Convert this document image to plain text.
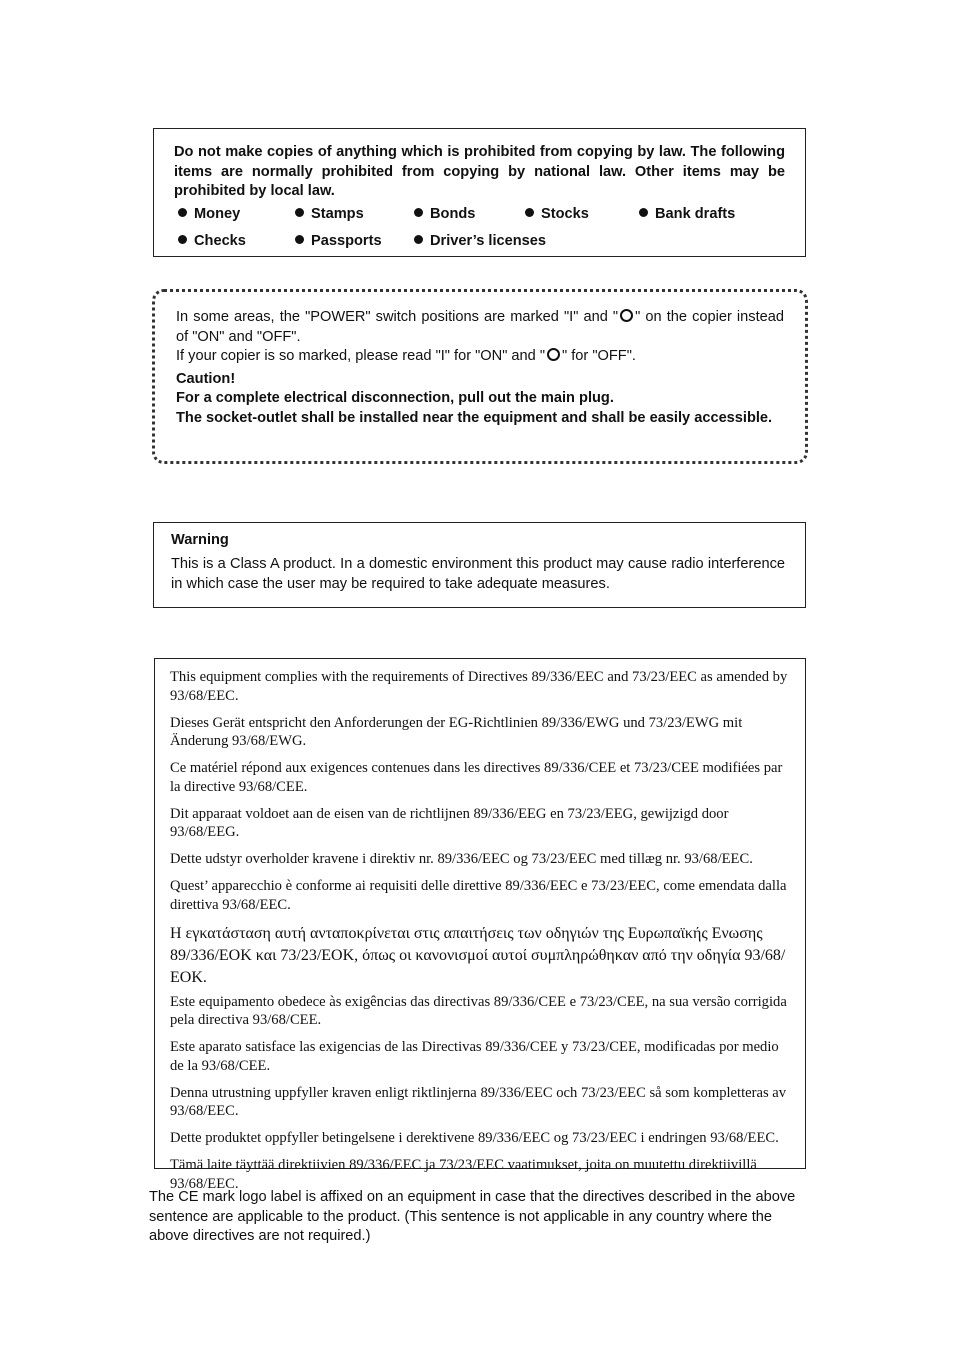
Do not make copies of anything which is prohibited from copying by law. The following items are normally prohibited from copying by national law. Other items may be prohibited by local law.

Money	Stamps	Bonds	Stocks	Bank drafts
Checks	Passports	Driver’s licenses

In some areas, the "POWER" switch positions are marked "I" and " " on the copier instead of "ON" and "OFF".

If your copier is so marked, please read "I" for "ON" and " " for "OFF".

Caution!

For a complete electrical disconnection, pull out the main plug.

The socket-outlet shall be installed near the equipment and shall be easily accessible.

Warning

This is a Class A product. In a domestic environment this product may cause radio interference in which case the user may be required to take adequate measures.

This equipment complies with the requirements of Directives 89/336/EEC and 73/23/EEC as amended by 93/68/EEC.

Dieses Gerät entspricht den Anforderungen der EG-Richtlinien 89/336/EWG und 73/23/EWG mit Änderung 93/68/EWG.

Ce matériel répond aux exigences contenues dans les directives 89/336/CEE et 73/23/CEE modifiées par la directive 93/68/CEE.

Dit apparaat voldoet aan de eisen van de richtlijnen 89/336/EEG en 73/23/EEG, gewijzigd door 93/68/EEG.

Dette udstyr overholder kravene i direktiv nr. 89/336/EEC og 73/23/EEC med tillæg nr. 93/68/EEC.

Quest’ apparecchio è conforme ai requisiti delle direttive 89/336/EEC e 73/23/EEC, come emendata dalla direttiva 93/68/EEC.

Η εγκατάσταση αυτή ανταποκρίνεται στις απαιτήσεις των οδηγιών της Ευρωπαϊκής Ενωσης 89/336/ΕΟΚ και 73/23/ΕΟΚ, όπως οι κανονισμοί αυτοί συμπληρώθηκαν από την οδηγία 93/68/ΕΟΚ.

Este equipamento obedece às exigências das directivas 89/336/CEE e 73/23/CEE, na sua versão corrigida pela directiva 93/68/CEE.

Este aparato satisface las exigencias de las Directivas 89/336/CEE y 73/23/CEE, modificadas por medio de la 93/68/CEE.

Denna utrustning uppfyller kraven enligt riktlinjerna 89/336/EEC och 73/23/EEC så som kompletteras av 93/68/EEC.

Dette produktet oppfyller betingelsene i derektivene 89/336/EEC og 73/23/EEC i endringen 93/68/EEC.

Tämä laite täyttää direktiivien 89/336/EEC ja 73/23/EEC vaatimukset, joita on muutettu direktiivillä 93/68/EEC.

The CE mark logo label is affixed on an equipment in case that the directives described in the above sentence are applicable to the product. (This sentence is not applicable in any country where the above directives are not required.)
